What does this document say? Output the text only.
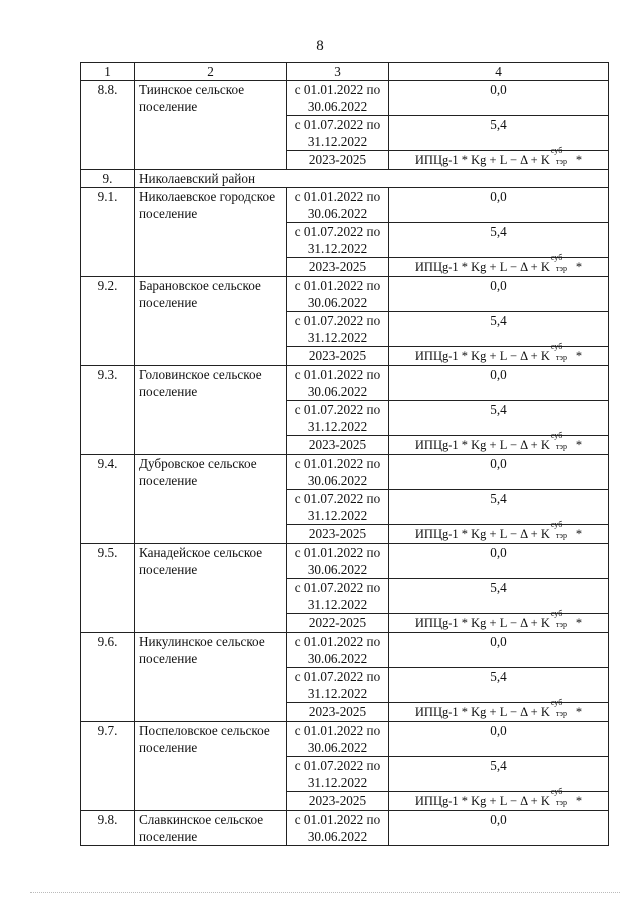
8
1	2	3	4
8.8.	Тиинское сельское поселение	с 01.01.2022 по 30.06.2022	0,0
		с 01.07.2022 по 31.12.2022	5,4
		2023-2025	ИПЦg-1 * Kg + L − Δ + K
суб
тэр *
9.	Николаевский район		
9.1.	Николаевское городское поселение	с 01.01.2022 по 30.06.2022	0,0
		с 01.07.2022 по 31.12.2022	5,4
		2023-2025	ИПЦg-1 * Kg + L − Δ + K
суб
тэр *
9.2.	Барановское сельское поселение	с 01.01.2022 по 30.06.2022	0,0
		с 01.07.2022 по 31.12.2022	5,4
		2023-2025	ИПЦg-1 * Kg + L − Δ + K
суб
тэр *
9.3.	Головинское сельское поселение	с 01.01.2022 по 30.06.2022	0,0
		с 01.07.2022 по 31.12.2022	5,4
		2023-2025	ИПЦg-1 * Kg + L − Δ + K
суб
тэр *
9.4.	Дубровское сельское поселение	с 01.01.2022 по 30.06.2022	0,0
		с 01.07.2022 по 31.12.2022	5,4
		2023-2025	ИПЦg-1 * Kg + L − Δ + K
суб
тэр *
9.5.	Канадейское сельское поселение	с 01.01.2022 по 30.06.2022	0,0
		с 01.07.2022 по 31.12.2022	5,4
		2022-2025	ИПЦg-1 * Kg + L − Δ + K
суб
тэр *
9.6.	Никулинское сельское поселение	с 01.01.2022 по 30.06.2022	0,0
		с 01.07.2022 по 31.12.2022	5,4
		2023-2025	ИПЦg-1 * Kg + L − Δ + K
суб
тэр *
9.7.	Поспеловское сельское поселение	с 01.01.2022 по 30.06.2022	0,0
		с 01.07.2022 по 31.12.2022	5,4
		2023-2025	ИПЦg-1 * Kg + L − Δ + K
суб
тэр *
9.8.	Славкинское сельское поселение	с 01.01.2022 по 30.06.2022	0,0
